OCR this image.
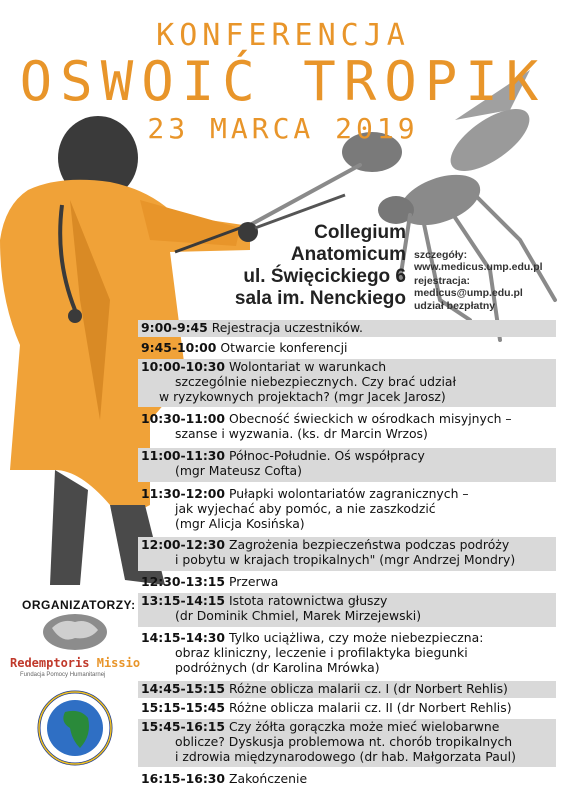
KONFERENCJA
OSWOIĆ TROPIK
23 MARCA 2019
Collegium
Anatomicum
ul. Święcickiego 6
sala im. Nenckiego
szczegóły:
www.medicus.ump.edu.pl
rejestracja:
medicus@ump.edu.pl
udział bezpłatny
9:00-9:45 Rejestracja uczestników.
9:45-10:00 Otwarcie konferencji
10:00-10:30 Wolontariat w warunkach
szczególnie niebezpiecznych. Czy brać udział
w ryzykownych projektach? (mgr Jacek Jarosz)
10:30-11:00 Obecność świeckich w ośrodkach misyjnych –
szanse i wyzwania. (ks. dr Marcin Wrzos)
11:00-11:30 Północ-Południe. Oś współpracy
(mgr Mateusz Cofta)
11:30-12:00 Pułapki wolontariatów zagranicznych –
jak wyjechać aby pomóc, a nie zaszkodzić
(mgr Alicja Kosińska)
12:00-12:30 Zagrożenia bezpieczeństwa podczas podróży
i pobytu w krajach tropikalnych" (mgr Andrzej Mondry)
12:30-13:15 Przerwa
13:15-14:15 Istota ratownictwa głuszy
(dr Dominik Chmiel, Marek Mirzejewski)
14:15-14:30 Tylko uciążliwa, czy może niebezpieczna:
obraz kliniczny, leczenie i profilaktyka biegunki
podróżnych (dr Karolina Mrówka)
14:45-15:15 Różne oblicza malarii cz. I (dr Norbert Rehlis)
15:15-15:45 Różne oblicza malarii cz. II (dr Norbert Rehlis)
15:45-16:15 Czy żółta gorączka może mieć wielobarwne
oblicze? Dyskusja problemowa nt. chorób tropikalnych
i zdrowia międzynarodowego (dr hab. Małgorzata Paul)
16:15-16:30 Zakończenie
ORGANIZATORZY:
Redemptoris Missio
Fundacja Pomocy Humanitarnej
